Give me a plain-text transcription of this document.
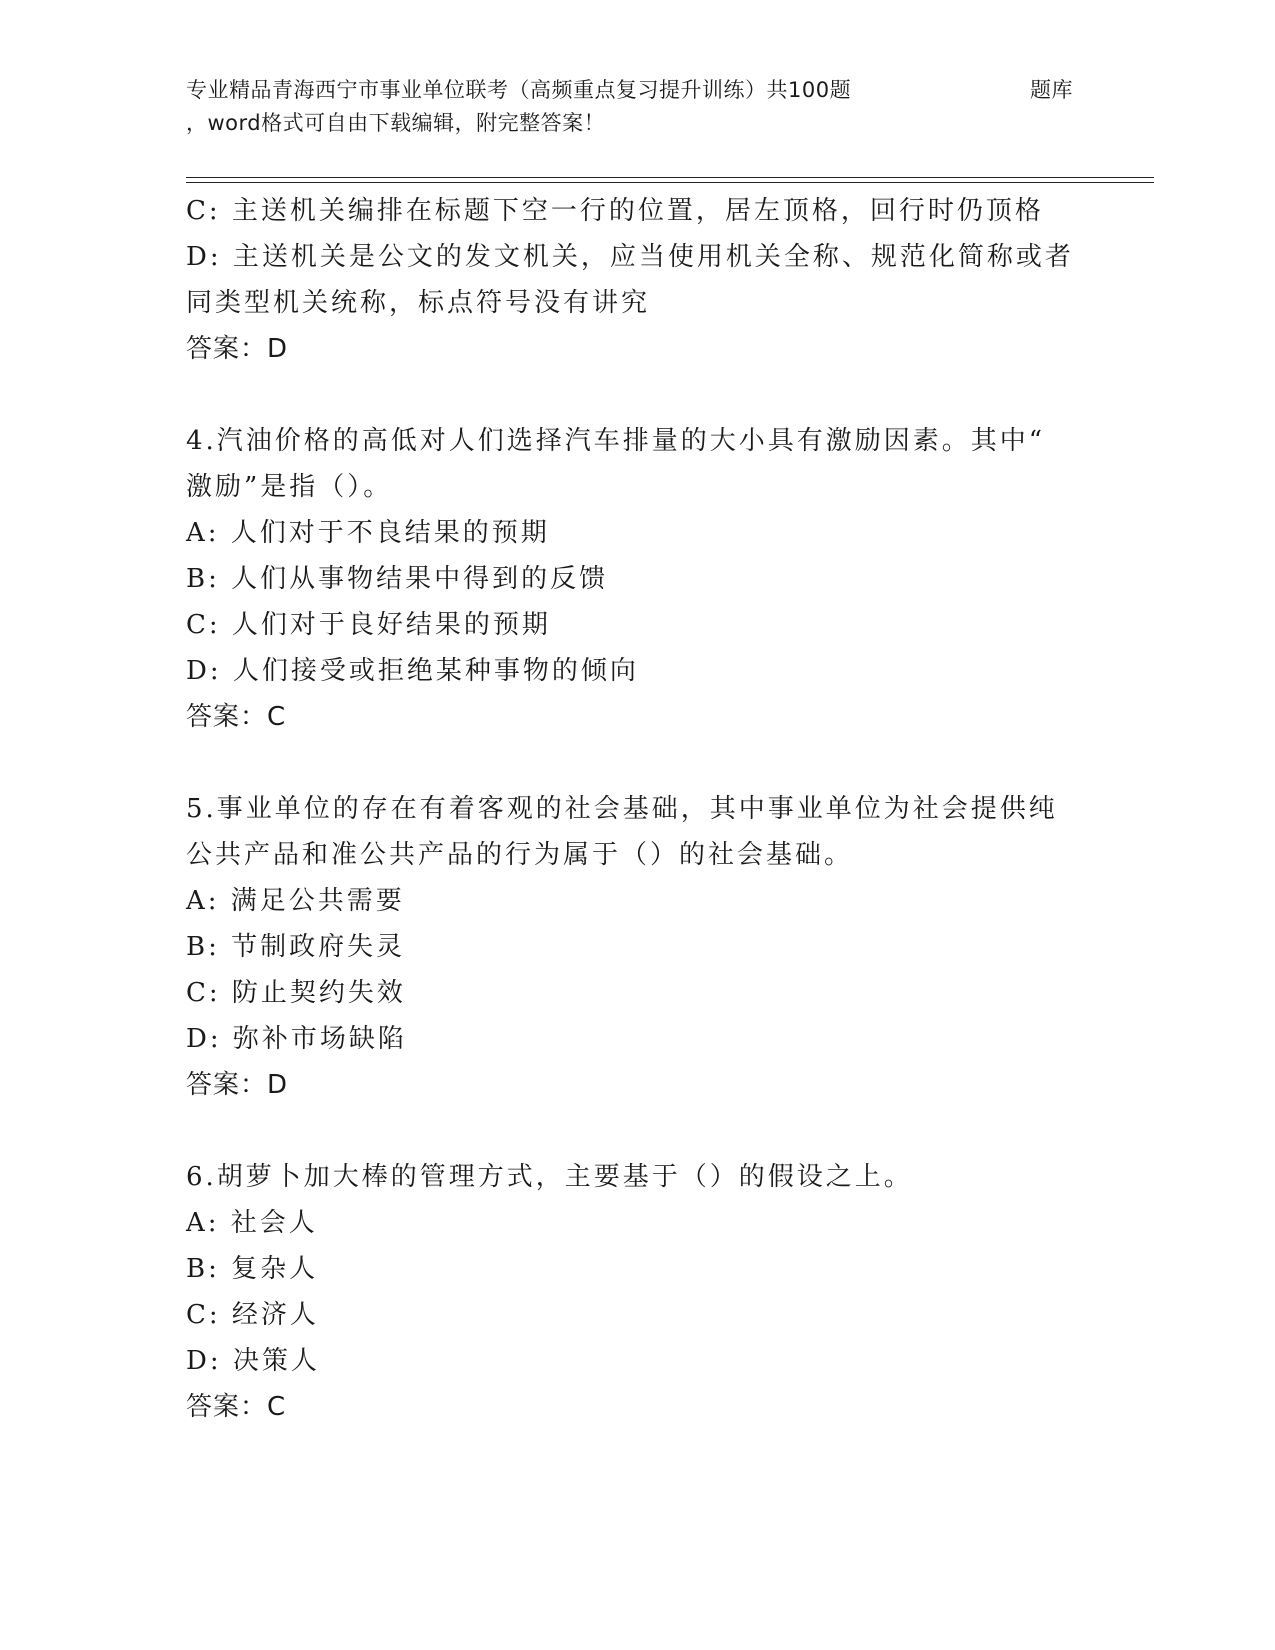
专业精品青海西宁市事业单位联考（高频重点复习提升训练）共100题	题库
，word格式可自由下载编辑，附完整答案！
C: 主送机关编排在标题下空一行的位置，居左顶格，回行时仍顶格
D: 主送机关是公文的发文机关，应当使用机关全称、规范化简称或者
同类型机关统称，标点符号没有讲究
答案：D
4.汽油价格的高低对人们选择汽车排量的大小具有激励因素。其中“
激励”是指（）。
A: 人们对于不良结果的预期
B: 人们从事物结果中得到的反馈
C: 人们对于良好结果的预期
D: 人们接受或拒绝某种事物的倾向
答案：C
5.事业单位的存在有着客观的社会基础，其中事业单位为社会提供纯
公共产品和准公共产品的行为属于（）的社会基础。
A: 满足公共需要
B: 节制政府失灵
C: 防止契约失效
D: 弥补市场缺陷
答案：D
6.胡萝卜加大棒的管理方式，主要基于（）的假设之上。
A: 社会人
B: 复杂人
C: 经济人
D: 决策人
答案：C
